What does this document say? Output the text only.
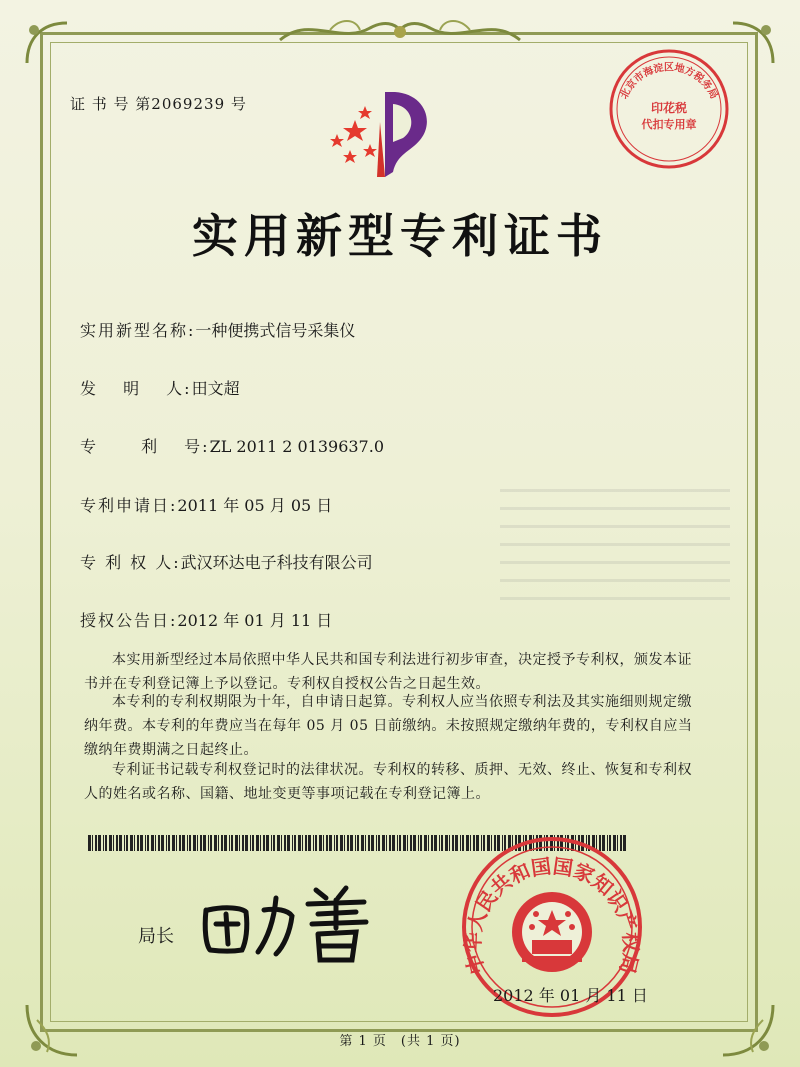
证 书 号 第2069239 号
实用新型专利证书
实用新型名称:一种便携式信号采集仪
发　 明　 人:田文超
专　　 利　 号:ZL 2011 2 0139637.0
专利申请日:2011 年 05 月 05 日
专 利 权 人:武汉环达电子科技有限公司
授权公告日:2012 年 01 月 11 日
本实用新型经过本局依照中华人民共和国专利法进行初步审查，决定授予专利权，颁发本证书并在专利登记簿上予以登记。专利权自授权公告之日起生效。
本专利的专利权期限为十年，自申请日起算。专利权人应当依照专利法及其实施细则规定缴纳年费。本专利的年费应当在每年 05 月 05 日前缴纳。未按照规定缴纳年费的，专利权自应当缴纳年费期满之日起终止。
专利证书记载专利权登记时的法律状况。专利权的转移、质押、无效、终止、恢复和专利权人的姓名或名称、国籍、地址变更等事项记载在专利登记簿上。
局长
中华人民共和国国家知识产权局
2012 年 01 月 11 日
北京市海淀区地方税务局
印花税
代扣专用章
第 1 页　(共 1 页)
